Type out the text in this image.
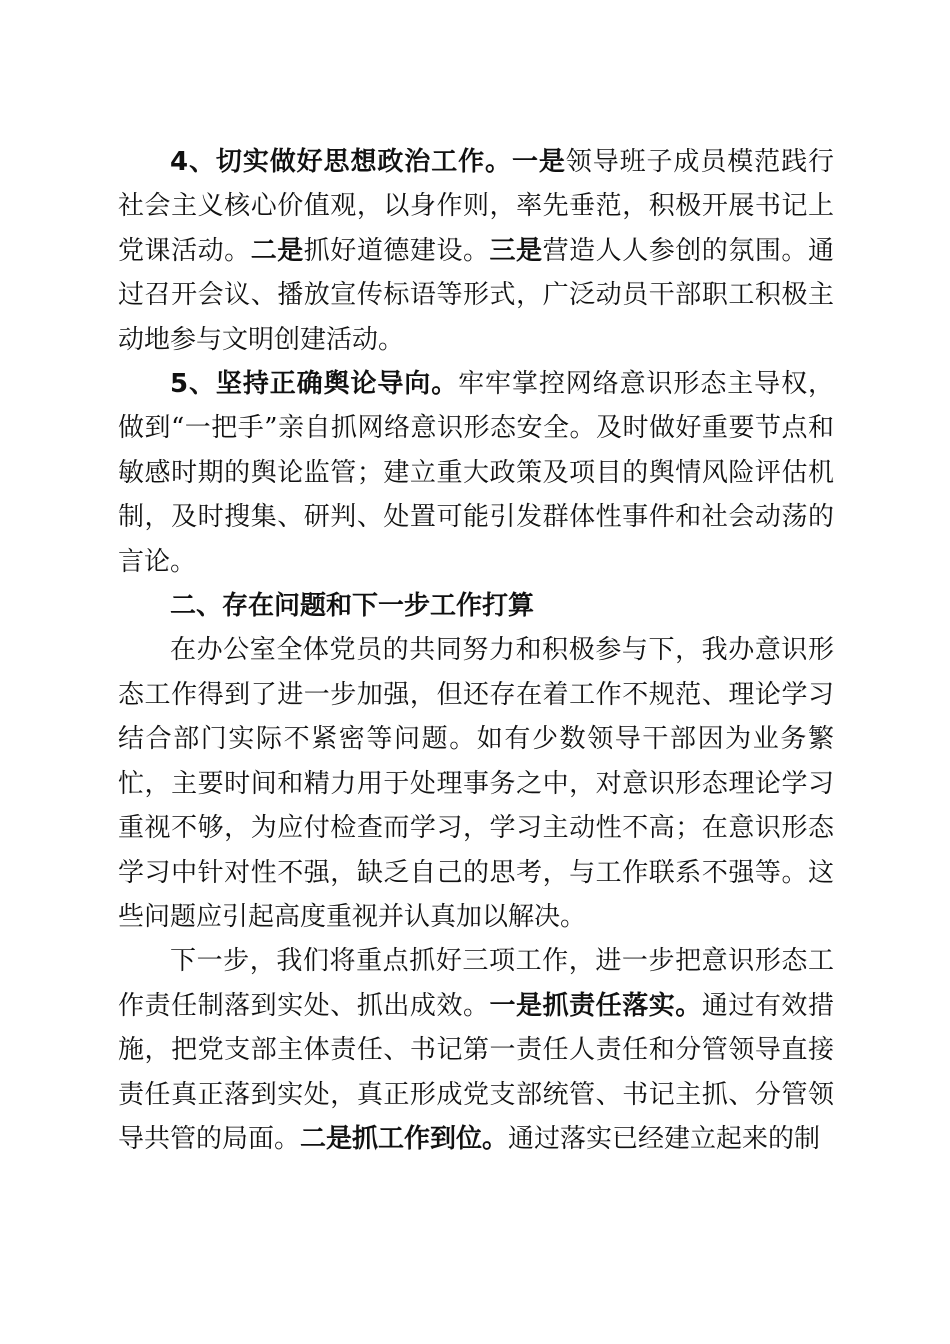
4、切实做好思想政治工作。一是领导班子成员模范践行社会主义核心价值观，以身作则，率先垂范，积极开展书记上党课活动。二是抓好道德建设。三是营造人人参创的氛围。通过召开会议、播放宣传标语等形式，广泛动员干部职工积极主动地参与文明创建活动。

5、坚持正确舆论导向。牢牢掌控网络意识形态主导权，做到“一把手”亲自抓网络意识形态安全。及时做好重要节点和敏感时期的舆论监管；建立重大政策及项目的舆情风险评估机制，及时搜集、研判、处置可能引发群体性事件和社会动荡的言论。

二、存在问题和下一步工作打算

在办公室全体党员的共同努力和积极参与下，我办意识形态工作得到了进一步加强，但还存在着工作不规范、理论学习结合部门实际不紧密等问题。如有少数领导干部因为业务繁忙，主要时间和精力用于处理事务之中，对意识形态理论学习重视不够，为应付检查而学习，学习主动性不高；在意识形态学习中针对性不强，缺乏自己的思考，与工作联系不强等。这些问题应引起高度重视并认真加以解决。

下一步，我们将重点抓好三项工作，进一步把意识形态工作责任制落到实处、抓出成效。一是抓责任落实。通过有效措施，把党支部主体责任、书记第一责任人责任和分管领导直接责任真正落到实处，真正形成党支部统管、书记主抓、分管领导共管的局面。二是抓工作到位。通过落实已经建立起来的制
